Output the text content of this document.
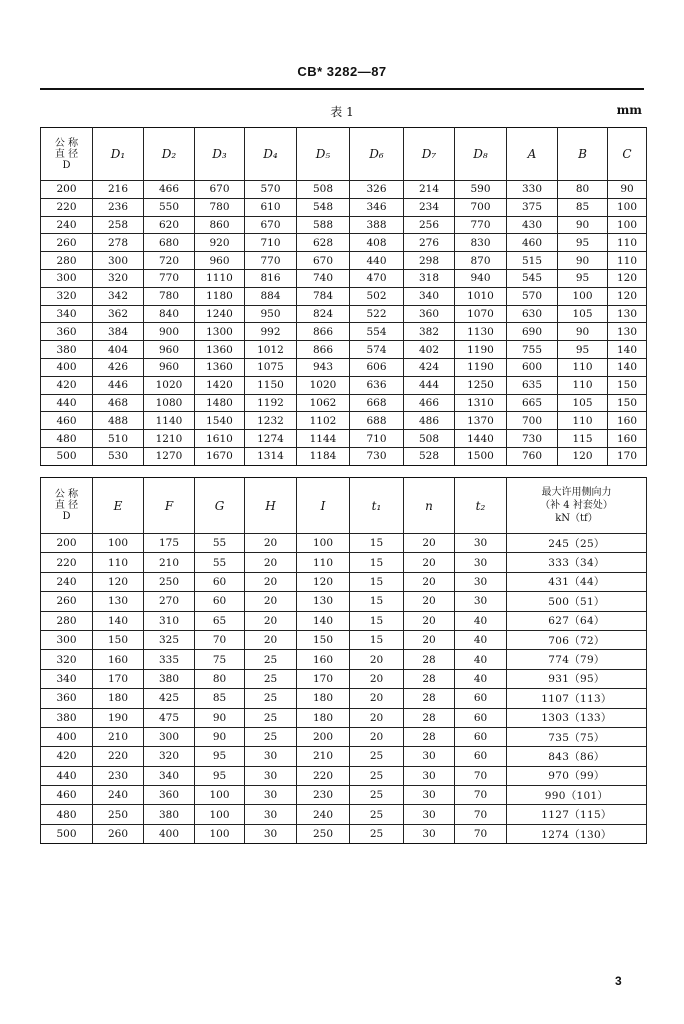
CB* 3282—87
表 1	mm
公 称
直 径
D	D₁	D₂	D₃	D₄	D₅	D₆	D₇	D₈	A	B	C
200	216	466	670	570	508	326	214	590	330	80	90
220	236	550	780	610	548	346	234	700	375	85	100
240	258	620	860	670	588	388	256	770	430	90	100
260	278	680	920	710	628	408	276	830	460	95	110
280	300	720	960	770	670	440	298	870	515	90	110
300	320	770	1110	816	740	470	318	940	545	95	120
320	342	780	1180	884	784	502	340	1010	570	100	120
340	362	840	1240	950	824	522	360	1070	630	105	130
360	384	900	1300	992	866	554	382	1130	690	90	130
380	404	960	1360	1012	866	574	402	1190	755	95	140
400	426	960	1360	1075	943	606	424	1190	600	110	140
420	446	1020	1420	1150	1020	636	444	1250	635	110	150
440	468	1080	1480	1192	1062	668	466	1310	665	105	150
460	488	1140	1540	1232	1102	688	486	1370	700	110	160
480	510	1210	1610	1274	1144	710	508	1440	730	115	160
500	530	1270	1670	1314	1184	730	528	1500	760	120	170
公 称
直 径
D	E	F	G	H	I	t₁	n	t₂	最大许用侧向力
（补 4 衬套处）
kN（tf）
200	100	175	55	20	100	15	20	30	245（25）
220	110	210	55	20	110	15	20	30	333（34）
240	120	250	60	20	120	15	20	30	431（44）
260	130	270	60	20	130	15	20	30	500（51）
280	140	310	65	20	140	15	20	40	627（64）
300	150	325	70	20	150	15	20	40	706（72）
320	160	335	75	25	160	20	28	40	774（79）
340	170	380	80	25	170	20	28	40	931（95）
360	180	425	85	25	180	20	28	60	1107（113）
380	190	475	90	25	180	20	28	60	1303（133）
400	210	300	90	25	200	20	28	60	735（75）
420	220	320	95	30	210	25	30	60	843（86）
440	230	340	95	30	220	25	30	70	970（99）
460	240	360	100	30	230	25	30	70	990（101）
480	250	380	100	30	240	25	30	70	1127（115）
500	260	400	100	30	250	25	30	70	1274（130）
3
